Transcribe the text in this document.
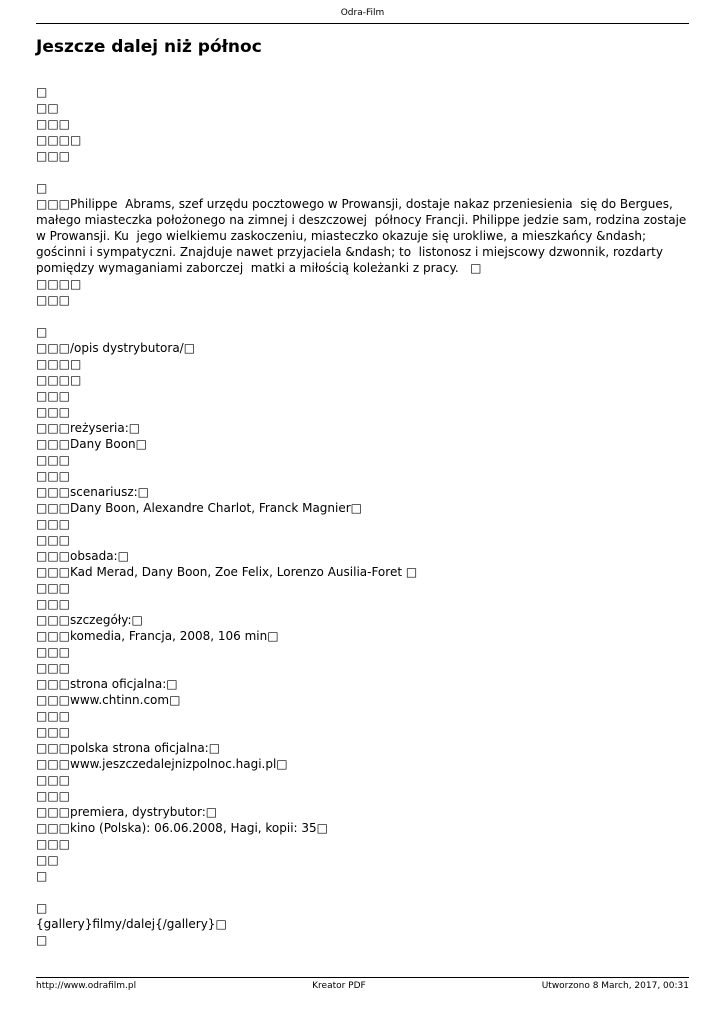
Odra-Film
Jeszcze dalej niż północ
□
□□
□□□
□□□□
□□□
□
□□□Philippe  Abrams, szef urzędu pocztowego w Prowansji, dostaje nakaz przeniesienia  się do Bergues, małego miasteczka położonego na zimnej i deszczowej  północy Francji. Philippe jedzie sam, rodzina zostaje w Prowansji. Ku  jego wielkiemu zaskoczeniu, miasteczko okazuje się urokliwe, a mieszkańcy &ndash; gościnni i sympatyczni. Znajduje nawet przyjaciela &ndash; to  listonosz i miejscowy dzwonnik, rozdarty pomiędzy wymaganiami zaborczej  matki a miłością koleżanki z pracy.   □
□□□□
□□□
□
□□□/opis dystrybutora/□
□□□□
□□□□
□□□
□□□
□□□reżyseria:□
□□□Dany Boon□
□□□
□□□
□□□scenariusz:□
□□□Dany Boon, Alexandre Charlot, Franck Magnier□
□□□
□□□
□□□obsada:□
□□□Kad Merad, Dany Boon, Zoe Felix, Lorenzo Ausilia-Foret □
□□□
□□□
□□□szczegóły:□
□□□komedia, Francja, 2008, 106 min□
□□□
□□□
□□□strona oficjalna:□
□□□www.chtinn.com□
□□□
□□□
□□□polska strona oficjalna:□
□□□www.jeszczedalejnizpolnoc.hagi.pl□
□□□
□□□
□□□premiera, dystrybutor:□
□□□kino (Polska): 06.06.2008, Hagi, kopii: 35□
□□□
□□
□
□
{gallery}filmy/dalej{/gallery}□
□
http://www.odrafilm.pl	Kreator PDF	Utworzono 8 March, 2017, 00:31
